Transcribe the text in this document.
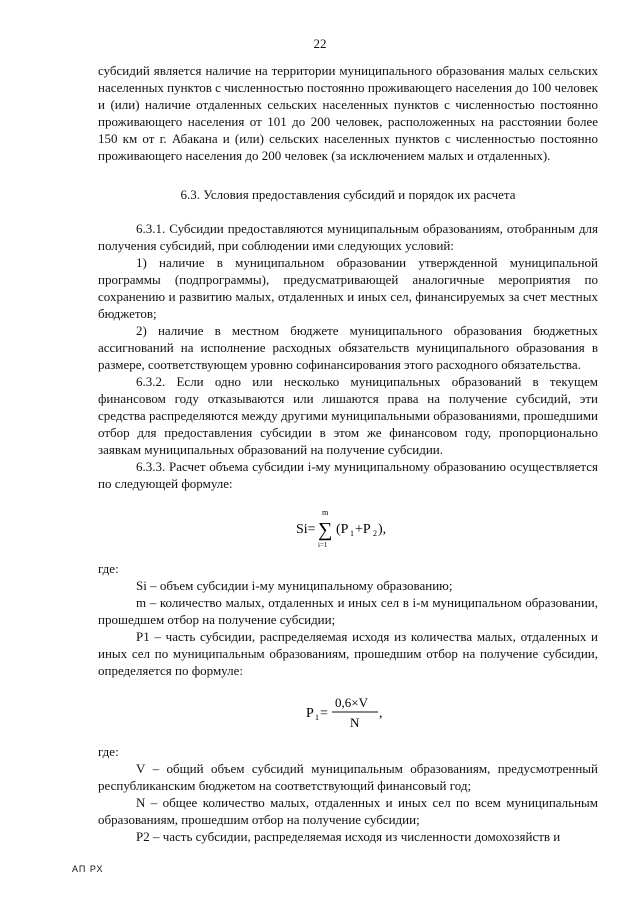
22

субсидий является наличие на территории муниципального образования малых сельских населенных пунктов с численностью постоянно проживающего населения до 100 человек и (или) наличие отдаленных сельских населенных пунктов с численностью постоянно проживающего населения от 101 до 200 человек, расположенных на расстоянии более 150 км от г. Абакана и (или) сельских населенных пунктов с численностью постоянно проживающего населения до 200 человек (за исключением малых и отдаленных).

6.3. Условия предоставления субсидий и порядок их расчета

6.3.1. Субсидии предоставляются муниципальным образованиям, отобранным для получения субсидий, при соблюдении ими следующих условий:

1) наличие в муниципальном образовании утвержденной муниципальной программы (подпрограммы), предусматривающей аналогичные мероприятия по сохранению и развитию малых, отдаленных и иных сел, финансируемых за счет местных бюджетов;

2) наличие в местном бюджете муниципального образования бюджетных ассигнований на исполнение расходных обязательств муниципального образования в размере, соответствующем уровню софинансирования этого расходного обязательства.

6.3.2. Если одно или несколько муниципальных образований в текущем финансовом году отказываются или лишаются права на получение субсидий, эти средства распределяются между другими муниципальными образованиями, прошедшими отбор для предоставления субсидии в этом же финансовом году, пропорционально заявкам муниципальных образований на получение субсидии.

6.3.3. Расчет объема субсидии i-му муниципальному образованию осуществляется по следующей формуле:

Si=
m
∑
i=1
(P 1 +P 2 ),

где:

Si – объем субсидии i-му муниципальному образованию;

m – количество малых, отдаленных и иных сел в i-м муниципальном образовании, прошедшем отбор на получение субсидии;

P1 – часть субсидии, распределяемая исходя из количества малых, отдаленных и иных сел по муниципальным образованиям, прошедшим отбор на получение субсидии, определяется по формуле:

P 1 =
0,6×V
N
,

где:

V – общий объем субсидий муниципальным образованиям, предусмотренный республиканским бюджетом на соответствующий финансовый год;

N – общее количество малых, отдаленных и иных сел по всем муниципальным образованиям, прошедшим отбор на получение субсидии;

P2 – часть субсидии, распределяемая исходя из численности домохозяйств и

АП РХ
